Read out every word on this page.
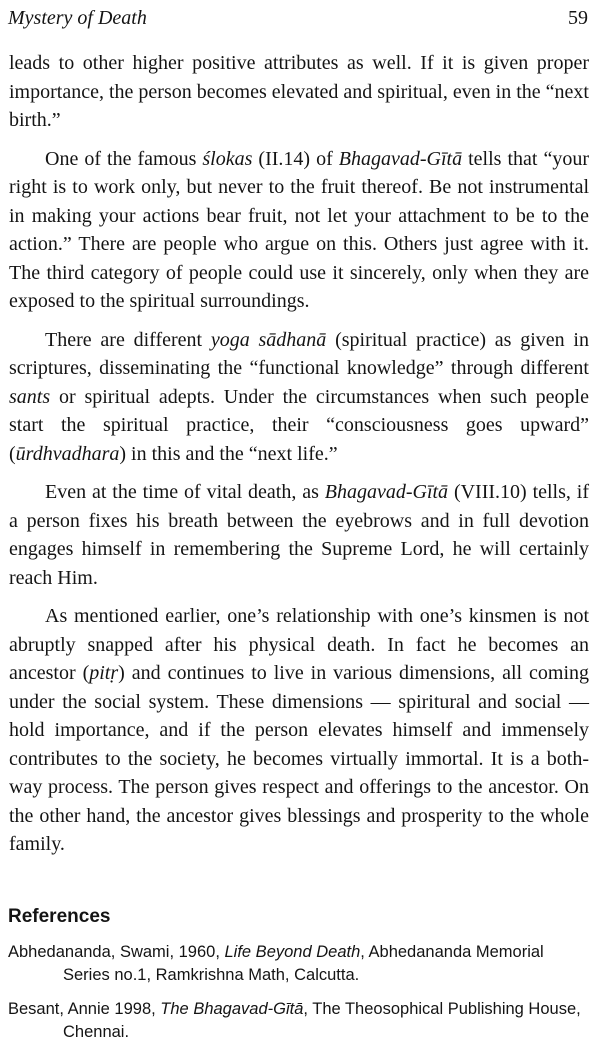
Mystery of Death	59

leads to other higher positive attributes as well. If it is given proper importance, the person becomes elevated and spiritual, even in the “next birth.”

One of the famous ślokas (II.14) of Bhagavad-Gītā tells that “your right is to work only, but never to the fruit thereof. Be not instrumental in making your actions bear fruit, not let your attachment to be to the action.” There are people who argue on this. Others just agree with it. The third category of people could use it sincerely, only when they are exposed to the spiritual surroundings.

There are different yoga sādhanā (spiritual practice) as given in scriptures, disseminating the “functional knowledge” through different sants or spiritual adepts. Under the circumstances when such people start the spiritual practice, their “consciousness goes upward” (ūrdhvadhara) in this and the “next life.”

Even at the time of vital death, as Bhagavad-Gītā (VIII.10) tells, if a person fixes his breath between the eyebrows and in full devotion engages himself in remembering the Supreme Lord, he will certainly reach Him.

As mentioned earlier, one’s relationship with one’s kinsmen is not abruptly snapped after his physical death. In fact he becomes an ancestor (pitṛ) and continues to live in various dimensions, all coming under the social system. These dimensions — spiritural and social — hold importance, and if the person elevates himself and immensely contributes to the society, he becomes virtually immortal. It is a both-way process. The person gives respect and offerings to the ancestor. On the other hand, the ancestor gives blessings and prosperity to the whole family.

References
Abhedananda, Swami, 1960, Life Beyond Death, Abhedananda Memorial Series no.1, Ramkrishna Math, Calcutta.
Besant, Annie 1998, The Bhagavad-Gītā, The Theosophical Publishing House, Chennai.
